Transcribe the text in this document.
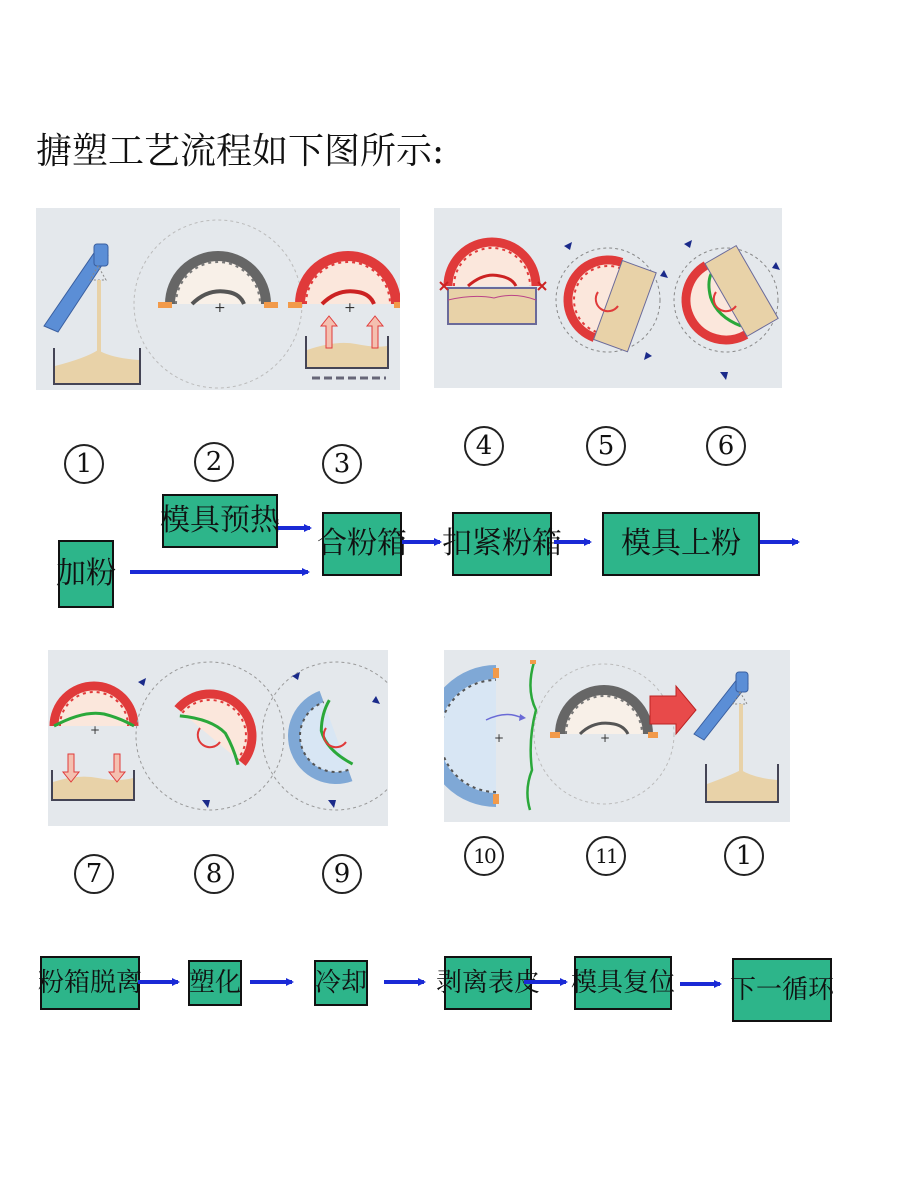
搪塑工艺流程如下图所示:
+	+
1	2	3
4	5	6
加粉
模具预热
合粉箱 扣紧粉箱	模具上粉
+
+	+
7	8	9
10	11	1
粉箱脱离 塑化	冷却	剥离表皮 模具复位 下一循环
